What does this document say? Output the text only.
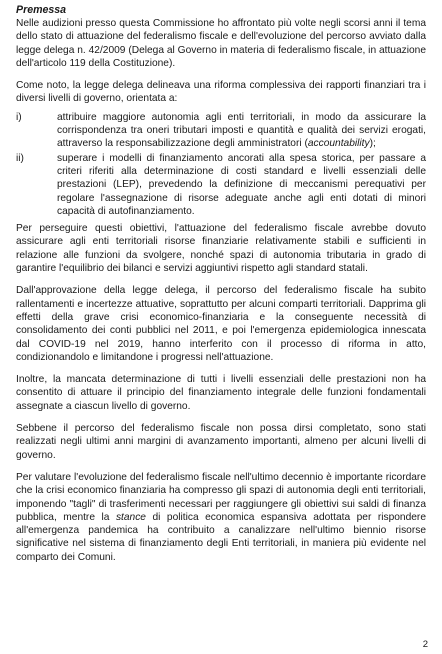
Premessa

Nelle audizioni presso questa Commissione ho affrontato più volte negli scorsi anni il tema dello stato di attuazione del federalismo fiscale e dell'evoluzione del percorso avviato dalla legge delega n. 42/2009 (Delega al Governo in materia di federalismo fiscale, in attuazione dell'articolo 119 della Costituzione).

Come noto, la legge delega delineava una riforma complessiva dei rapporti finanziari tra i diversi livelli di governo, orientata a:

i)	attribuire maggiore autonomia agli enti territoriali, in modo da assicurare la corrispondenza tra oneri tributari imposti e quantità e qualità dei servizi erogati, attraverso la responsabilizzazione degli amministratori (accountability);
ii)	superare i modelli di finanziamento ancorati alla spesa storica, per passare a criteri riferiti alla determinazione di costi standard e livelli essenziali delle prestazioni (LEP), prevedendo la definizione di meccanismi perequativi per regolare l'assegnazione di risorse adeguate anche agli enti dotati di minori capacità di autofinanziamento.

Per perseguire questi obiettivi, l'attuazione del federalismo fiscale avrebbe dovuto assicurare agli enti territoriali risorse finanziarie relativamente stabili e sufficienti in relazione alle funzioni da svolgere, nonché spazi di autonomia tributaria in grado di garantire l'equilibrio dei bilanci e servizi aggiuntivi rispetto agli standard statali.

Dall'approvazione della legge delega, il percorso del federalismo fiscale ha subito rallentamenti e incertezze attuative, soprattutto per alcuni comparti territoriali. Dapprima gli effetti della grave crisi economico-finanziaria e la conseguente necessità di consolidamento dei conti pubblici nel 2011, e poi l'emergenza epidemiologica innescata dal COVID-19 nel 2019, hanno interferito con il processo di riforma in atto, condizionandolo e limitandone i progressi nell'attuazione.

Inoltre, la mancata determinazione di tutti i livelli essenziali delle prestazioni non ha consentito di attuare il principio del finanziamento integrale delle funzioni fondamentali assegnate a ciascun livello di governo.

Sebbene il percorso del federalismo fiscale non possa dirsi completato, sono stati realizzati negli ultimi anni margini di avanzamento importanti, almeno per alcuni livelli di governo.

Per valutare l'evoluzione del federalismo fiscale nell'ultimo decennio è importante ricordare che la crisi economico finanziaria ha compresso gli spazi di autonomia degli enti territoriali, imponendo "tagli" di trasferimenti necessari per raggiungere gli obiettivi sui saldi di finanza pubblica, mentre la stance di politica economica espansiva adottata per rispondere all'emergenza pandemica ha contribuito a canalizzare nell'ultimo biennio risorse significative nel sistema di finanziamento degli Enti territoriali, in maniera più evidente nel comparto dei Comuni.

2
